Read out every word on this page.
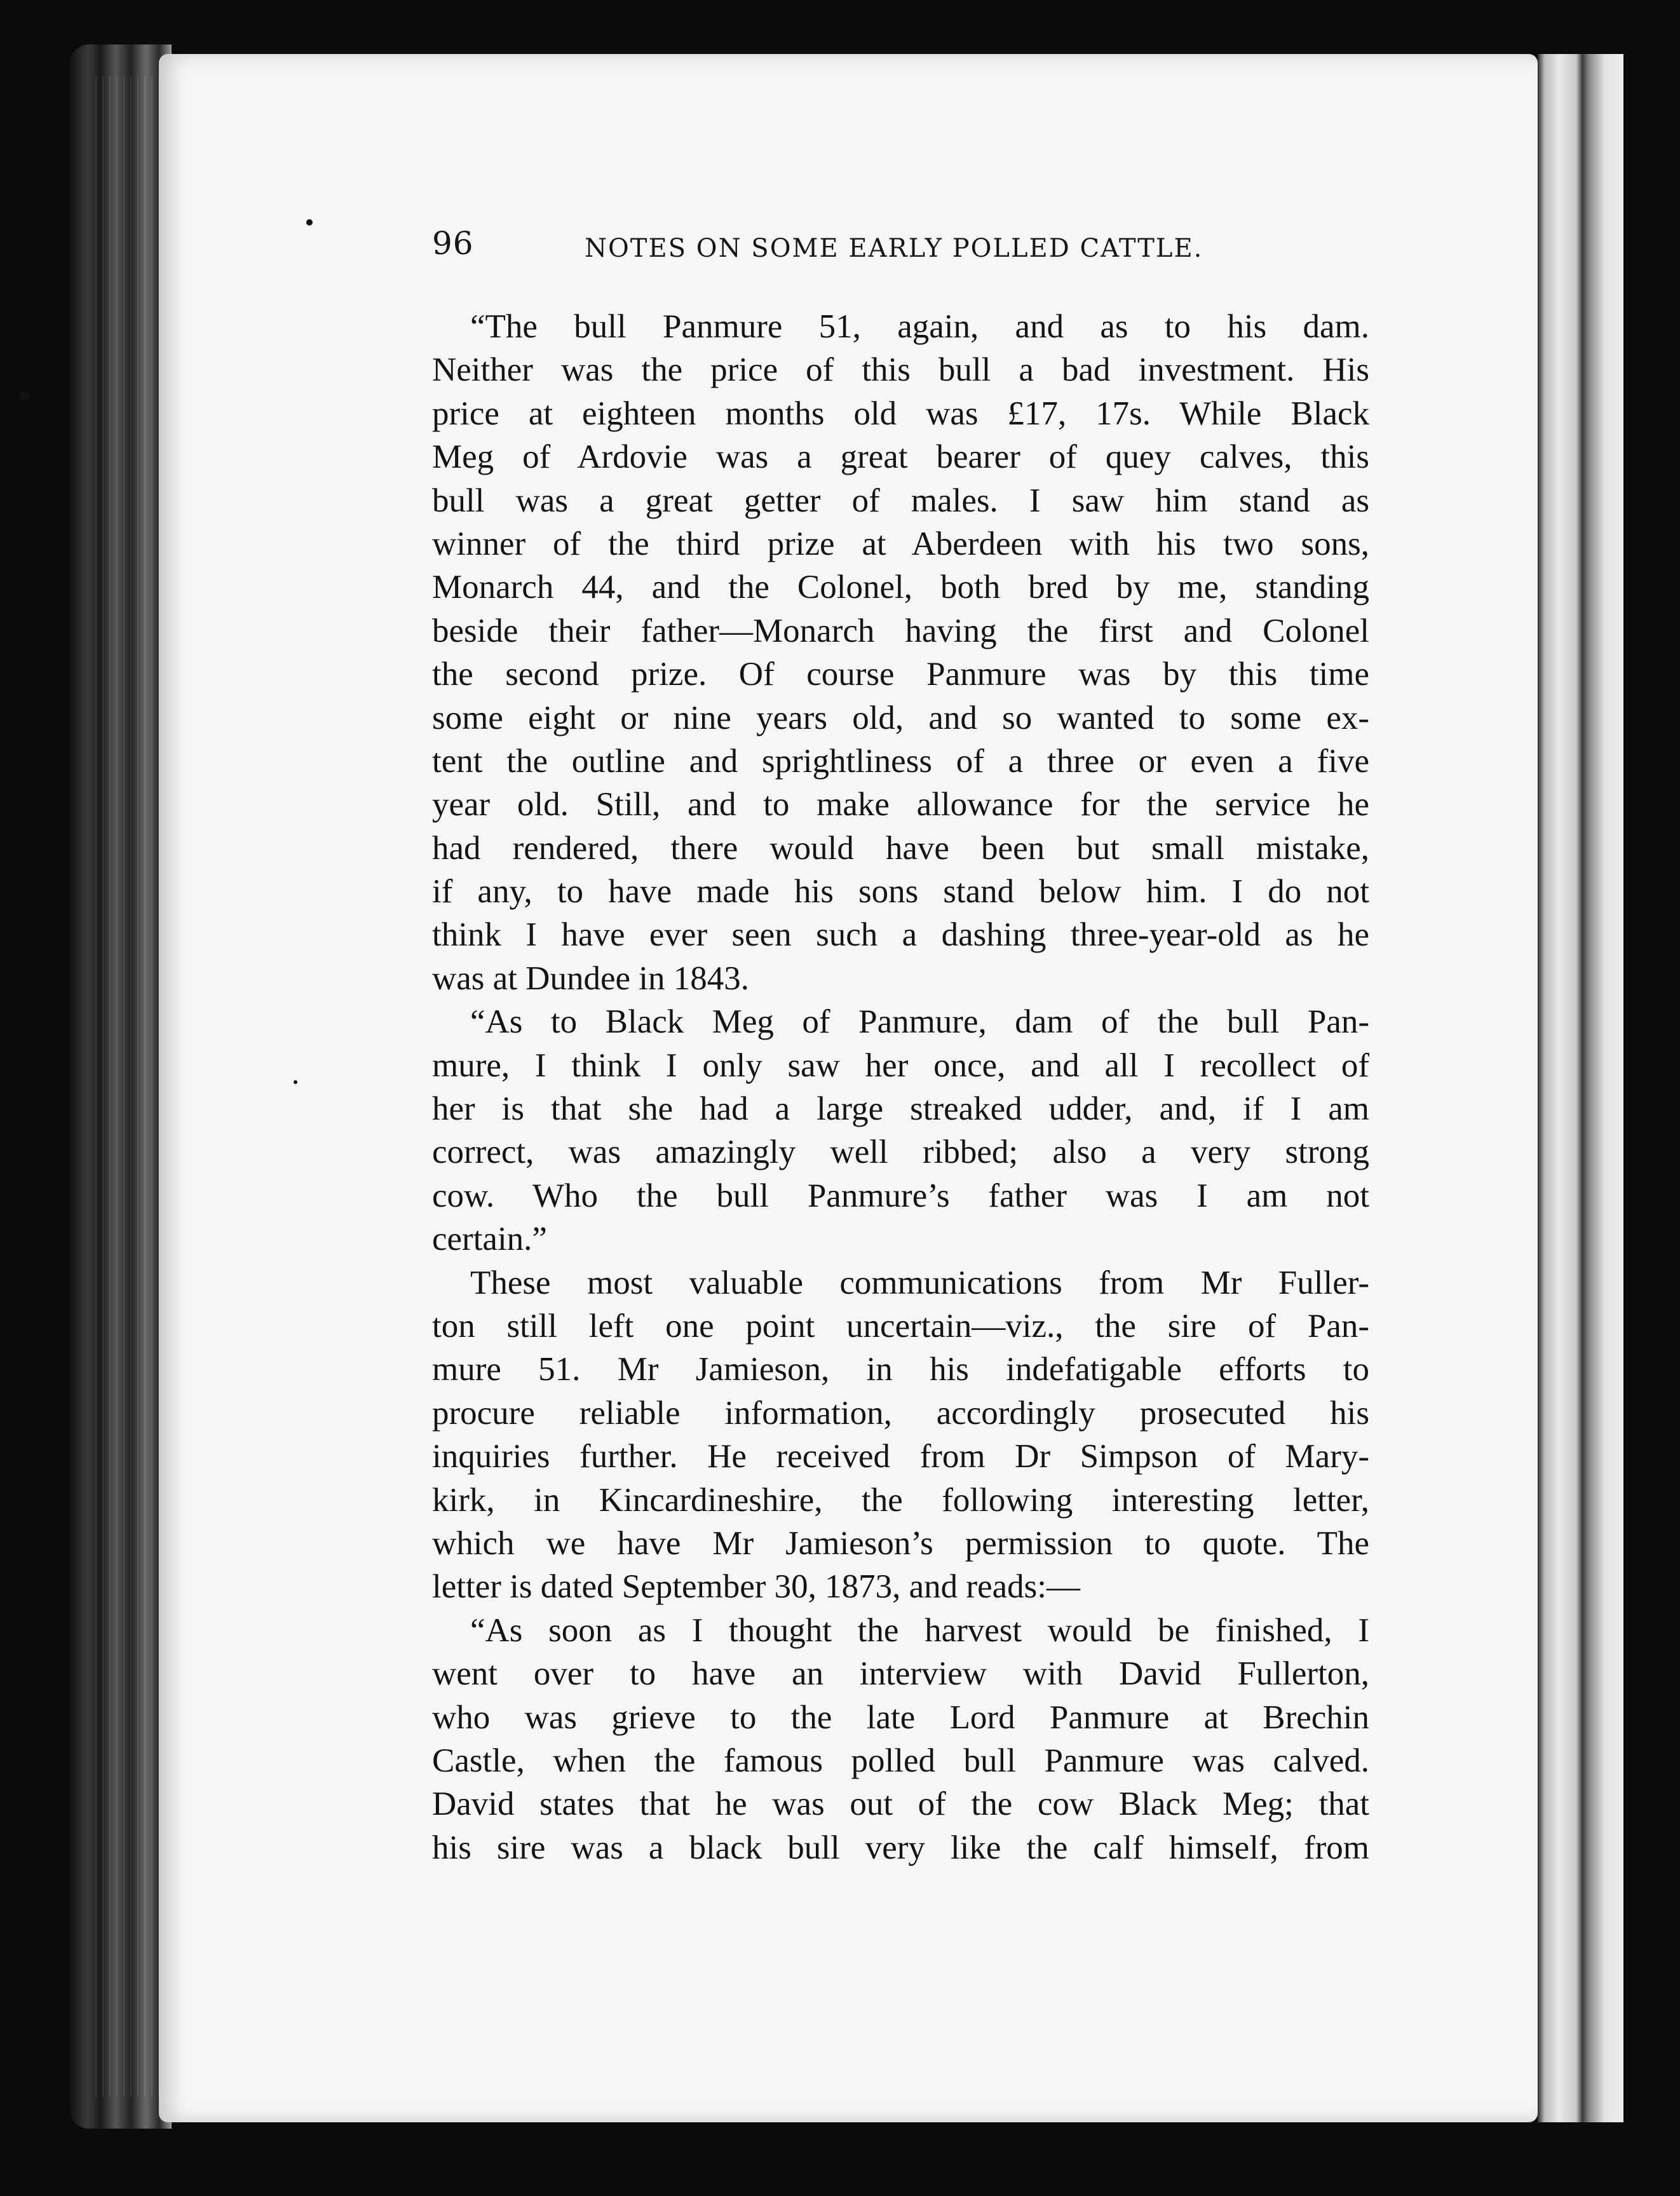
96	NOTES ON SOME EARLY POLLED CATTLE.
“The bull Panmure 51, again, and as to his dam.
Neither was the price of this bull a bad investment. His
price at eighteen months old was £17, 17s. While Black
Meg of Ardovie was a great bearer of quey calves, this
bull was a great getter of males. I saw him stand as
winner of the third prize at Aberdeen with his two sons,
Monarch 44, and the Colonel, both bred by me, standing
beside their father—Monarch having the first and Colonel
the second prize. Of course Panmure was by this time
some eight or nine years old, and so wanted to some ex-
tent the outline and sprightliness of a three or even a five
year old. Still, and to make allowance for the service he
had rendered, there would have been but small mistake,
if any, to have made his sons stand below him. I do not
think I have ever seen such a dashing three-year-old as he
was at Dundee in 1843.
“As to Black Meg of Panmure, dam of the bull Pan-
mure, I think I only saw her once, and all I recollect of
her is that she had a large streaked udder, and, if I am
correct, was amazingly well ribbed; also a very strong
cow. Who the bull Panmure’s father was I am not
certain.”
These most valuable communications from Mr Fuller-
ton still left one point uncertain—viz., the sire of Pan-
mure 51. Mr Jamieson, in his indefatigable efforts to
procure reliable information, accordingly prosecuted his
inquiries further. He received from Dr Simpson of Mary-
kirk, in Kincardineshire, the following interesting letter,
which we have Mr Jamieson’s permission to quote. The
letter is dated September 30, 1873, and reads:—
“As soon as I thought the harvest would be finished, I
went over to have an interview with David Fullerton,
who was grieve to the late Lord Panmure at Brechin
Castle, when the famous polled bull Panmure was calved.
David states that he was out of the cow Black Meg; that
his sire was a black bull very like the calf himself, from
